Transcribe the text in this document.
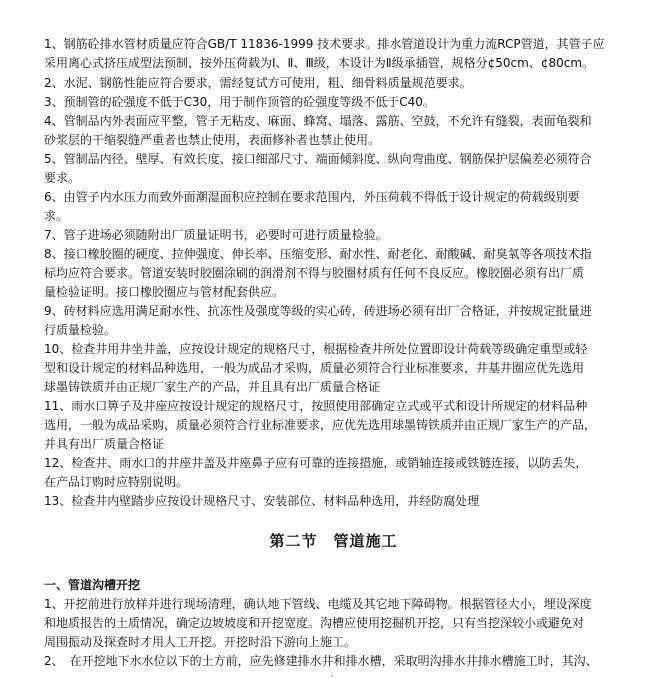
1、钢筋砼排水管材质量应符合GB/T 11836-1999 技术要求。排水管道设计为重力流RCP管道，其管子应
采用离心式挤压成型法预制，按外压荷载为Ⅰ、Ⅱ、Ⅲ级，本设计为Ⅱ级承插管，规格分¢50cm、¢80cm。
2、水泥、钢筋性能应符合要求，需经复试方可使用，粗、细骨料质量规范要求。
3、预制管的砼强度不低于C30，用于制作顶管的砼强度等级不低于C40。
4、管制品内外表面应平整，管子无粘皮、麻面、蜂窝、塌落、露筋、空鼓，不允许有缝裂，表面龟裂和
砂浆层的干缩裂缝严重者也禁止使用，表面修补者也禁止使用。
5、管制品内径、壁厚、有效长度、接口细部尺寸、端面倾斜度、纵向弯曲度、钢筋保护层偏差必须符合
要求。
6、由管子内水压力而致外面潮湿面积应控制在要求范围内，外压荷载不得低于设计规定的荷载级别要
求。
7、管子进场必须随附出厂质量证明书，必要时可进行质量检验。
8、接口橡胶圈的硬度、拉伸强度、伸长率、压缩变形、耐水性、耐老化、耐酸碱、耐臭氧等各项技术指
标均应符合要求。管道安装时胶圈涂刷的润滑剂不得与胶圈材质有任何不良反应。橡胶圈必须有出厂质
量检验证明。接口橡胶圈应与管材配套供应。
9、砖材料应选用满足耐水性、抗冻性及强度等级的实心砖，砖进场必须有出厂合格证，并按规定批量进
行质量检验。
10、检查井用井坐井盖，应按设计规定的规格尺寸，根据检查井所处位置即设计荷载等级确定重型或轻
型和设计规定的材料品种选用，一般为成品才采购，质量必须符合行业标准要求，井基井圈应优先选用
球墨铸铁质并由正规厂家生产的产品，并且具有出厂质量合格证
11、雨水口箅子及井座应按设计规定的规格尺寸，按照使用部确定立式或平式和设计所规定的材料品种
选用，一般为成品采购，质量必须符合行业标准要求，应优先选用球墨铸铁质并由正规厂家生产的产品，
并具有出厂质量合格证
12、检查井、雨水口的井座井盖及井座鼻子应有可靠的连接措施，或销轴连接或铁链连接，以防丢失，
在产品订购时应特别说明。
13、检查井内壁踏步应按设计规格尺寸、安装部位、材料品种选用，并经防腐处理
第二节　管道施工
一、管道沟槽开挖
1、开挖前进行放样并进行现场清理，确认地下管线、电缆及其它地下障碍物。根据管径大小，埋设深度
和地质报告的土质情况，确定边坡坡度和开挖宽度。沟槽应使用挖掘机开挖，只有当挖深较小或避免对
周围振动及探查时才用人工开挖。开挖时沿下游向上施工。
2、　在开挖地下水水位以下的土方前，应先修建排水井和排水槽，采取明沟排水井排水槽施工时，其沟、
1
